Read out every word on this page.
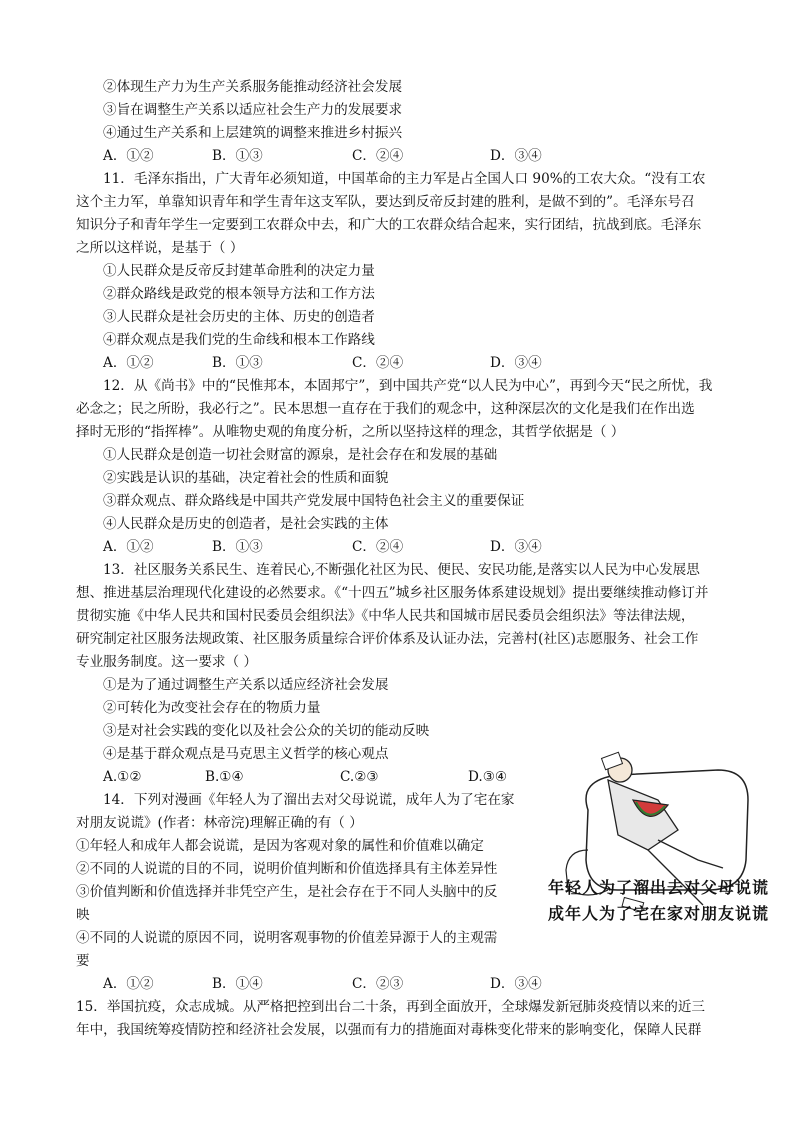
②体现生产力为生产关系服务能推动经济社会发展
③旨在调整生产关系以适应社会生产力的发展要求
④通过生产关系和上层建筑的调整来推进乡村振兴
A．①②	B．①③	C．②④	D．③④
11．毛泽东指出，广大青年必须知道，中国革命的主力军是占全国人口 90%的工农大众。“没有工农
这个主力军，单靠知识青年和学生青年这支军队，要达到反帝反封建的胜利，是做不到的”。毛泽东号召
知识分子和青年学生一定要到工农群众中去，和广大的工农群众结合起来，实行团结，抗战到底。毛泽东
之所以这样说，是基于（ ）
①人民群众是反帝反封建革命胜利的决定力量
②群众路线是政党的根本领导方法和工作方法
③人民群众是社会历史的主体、历史的创造者
④群众观点是我们党的生命线和根本工作路线
A．①②	B．①③	C．②④	D．③④
12．从《尚书》中的“民惟邦本，本固邦宁”，到中国共产党“以人民为中心”，再到今天“民之所忧，我
必念之；民之所盼，我必行之”。民本思想一直存在于我们的观念中，这种深层次的文化是我们在作出选
择时无形的“指挥棒”。从唯物史观的角度分析，之所以坚持这样的理念，其哲学依据是（ ）
①人民群众是创造一切社会财富的源泉，是社会存在和发展的基础
②实践是认识的基础，决定着社会的性质和面貌
③群众观点、群众路线是中国共产党发展中国特色社会主义的重要保证
④人民群众是历史的创造者，是社会实践的主体
A．①②	B．①③	C．②④	D．③④
13．社区服务关系民生、连着民心,不断强化社区为民、便民、安民功能,是落实以人民为中心发展思
想、推进基层治理现代化建设的必然要求。《“十四五”城乡社区服务体系建设规划》提出要继续推动修订并
贯彻实施《中华人民共和国村民委员会组织法》《中华人民共和国城市居民委员会组织法》等法律法规，
研究制定社区服务法规政策、社区服务质量综合评价体系及认证办法，完善村(社区)志愿服务、社会工作
专业服务制度。这一要求（ ）
①是为了通过调整生产关系以适应经济社会发展
②可转化为改变社会存在的物质力量
③是对社会实践的变化以及社会公众的关切的能动反映
④是基于群众观点是马克思主义哲学的核心观点
A.①②	B.①④	C.②③	D.③④
14．下列对漫画《年轻人为了溜出去对父母说谎，成年人为了宅在家
对朋友说谎》(作者：林帝浣)理解正确的有（ ）
①年轻人和成年人都会说谎，是因为客观对象的属性和价值难以确定
②不同的人说谎的目的不同，说明价值判断和价值选择具有主体差异性
③价值判断和价值选择并非凭空产生，是社会存在于不同人头脑中的反
映
④不同的人说谎的原因不同，说明客观事物的价值差异源于人的主观需
要
A．①②	B．①④	C．②③	D．③④
15．举国抗疫，众志成城。从严格把控到出台二十条，再到全面放开，全球爆发新冠肺炎疫情以来的近三
年中，我国统筹疫情防控和经济社会发展，以强而有力的措施面对毒株变化带来的影响变化，保障人民群
年轻人为了溜出去对父母说谎
成年人为了宅在家对朋友说谎
